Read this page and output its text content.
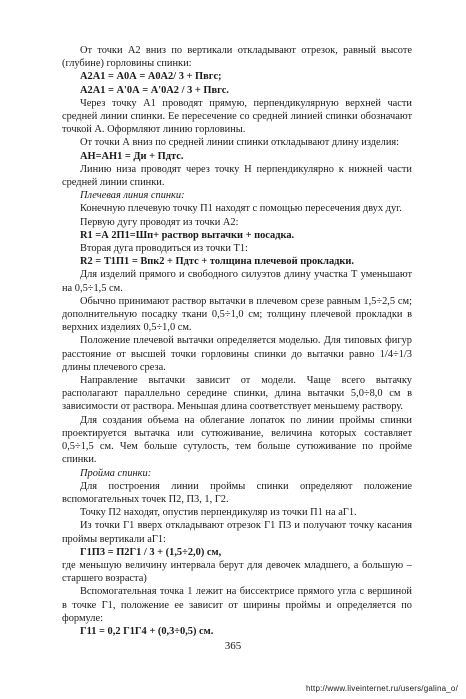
От точки А2 вниз по вертикали откладывают отрезок, равный высоте (глубине) горловины спинки:

А2А1 = А0А = А0А2/ 3 + Пвгс;

А2А1 = А'0А = А'0А2 / 3 + Пвгс.

Через точку А1 проводят прямую, перпендикулярную верхней части средней линии спинки. Ее пересечение со средней линией спинки обозначают точкой А. Оформляют линию горловины.

От точки А вниз по средней линии спинки откладывают длину изделия:

АН=АН1 = Ди + Пдтс.

Линию низа проводят через точку Н перпендикулярно к нижней части средней линии спинки.

Плечевая линия спинки:

Конечную плечевую точку П1 находят с помощью пересечения двух дуг.

Первую дугу проводят из точки А2:

R1 =А 2П1=Шп+ раствор вытачки + посадка.

Вторая дуга проводиться из точки Т1:

R2 = Т1П1 = Впк2 + Пдтс + толщина плечевой прокладки.

Для изделий прямого и свободного силуэтов длину участка Т уменьшают на 0,5÷1,5 см.

Обычно принимают раствор вытачки в плечевом срезе равным 1,5÷2,5 см; дополнительную посадку ткани 0,5÷1,0 см; толщину плечевой прокладки в верхних изделиях 0,5÷1,0 см.

Положение плечевой вытачки определяется моделью. Для типовых фигур расстояние от высшей точки горловины спинки до вытачки равно 1/4÷1/3 длины плечевого среза.

Направление вытачки зависит от модели. Чаще всего вытачку располагают параллельно середине спинки, длина вытачки 5,0÷8,0 см в зависимости от раствора. Меньшая длина соответствует меньшему раствору.

Для создания объема на облегание лопаток по линии проймы спинки проектируется вытачка или сутюживание, величина которых составляет 0,5÷1,5 см. Чем больше сутулость, тем больше сутюживание по пройме спинки.

Пройма спинки:

Для построения линии проймы спинки определяют положение вспомогательных точек П2, П3, 1, Г2.

Точку П2 находят, опустив перпендикуляр из точки П1 на аГ1.

Из точки Г1 вверх откладывают отрезок Г1 П3 и получают точку касания проймы вертикали аГ1:

Г1П3 = П2Г1 / 3 + (1,5÷2,0) см,

где меньшую величину интервала берут для девочек младшего, а большую – старшего возраста)

Вспомогательная точка 1 лежит на биссектрисе прямого угла с вершиной в точке Г1, положение ее зависит от ширины проймы и определяется по формуле:

Г11 = 0,2 Г1Г4 + (0,3÷0,5) см.

365
http://www.liveinternet.ru/users/galina_o/
